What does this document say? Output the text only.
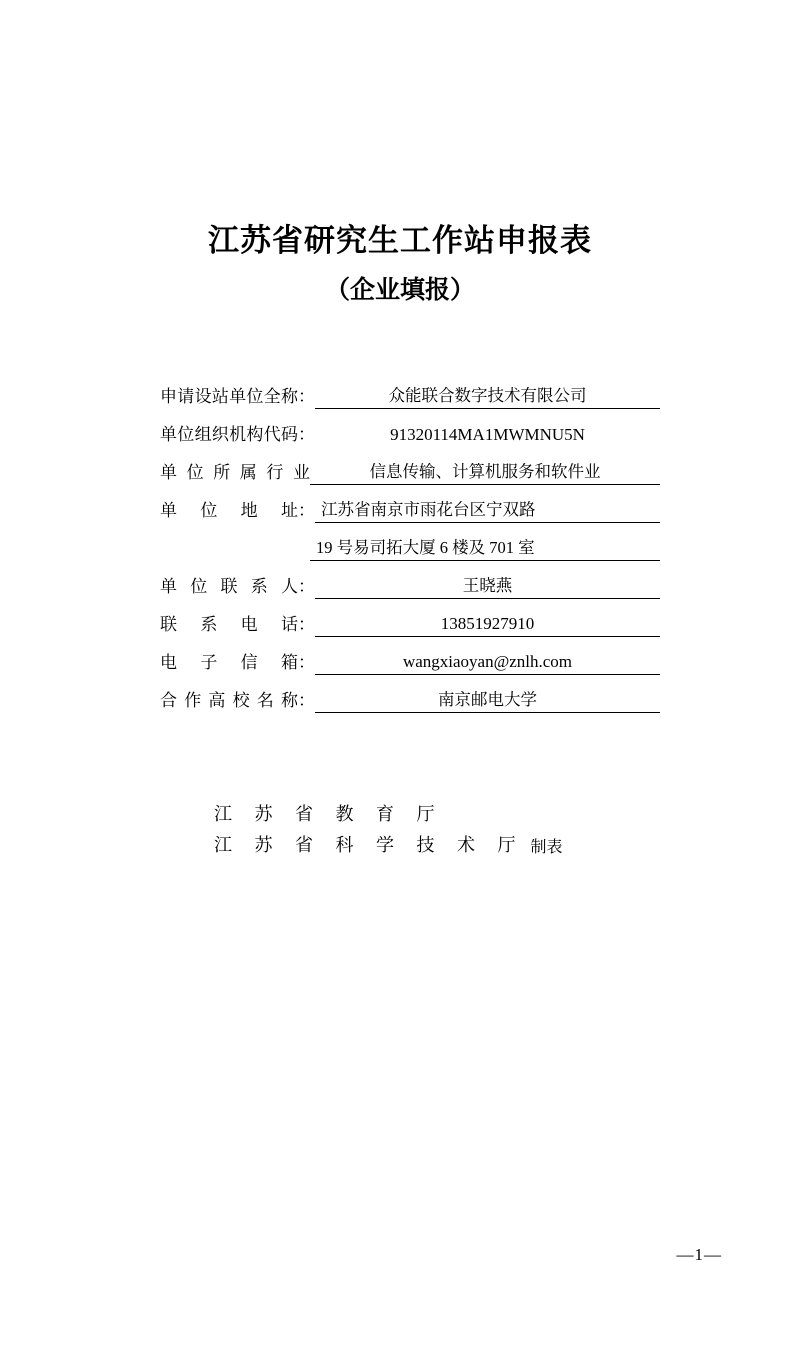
江苏省研究生工作站申报表
（企业填报）
申请设站单位全称 ：	众能联合数字技术有限公司
单位组织机构代码 ：	91320114MA1MWMNU5N
单位所属行业	信息传输、计算机服务和软件业
单位地址 ： 江苏省南京市雨花台区宁双路
19 号易司拓大厦 6 楼及 701 室
单位联系人 ：	王晓燕
联系电话 ：	13851927910
电子信箱 ：	wangxiaoyan@znlh.com
合作高校名称 ：	南京邮电大学
江 苏 省 教 育 厅
江 苏 省 科 学 技 术 厅 制表
—1—
